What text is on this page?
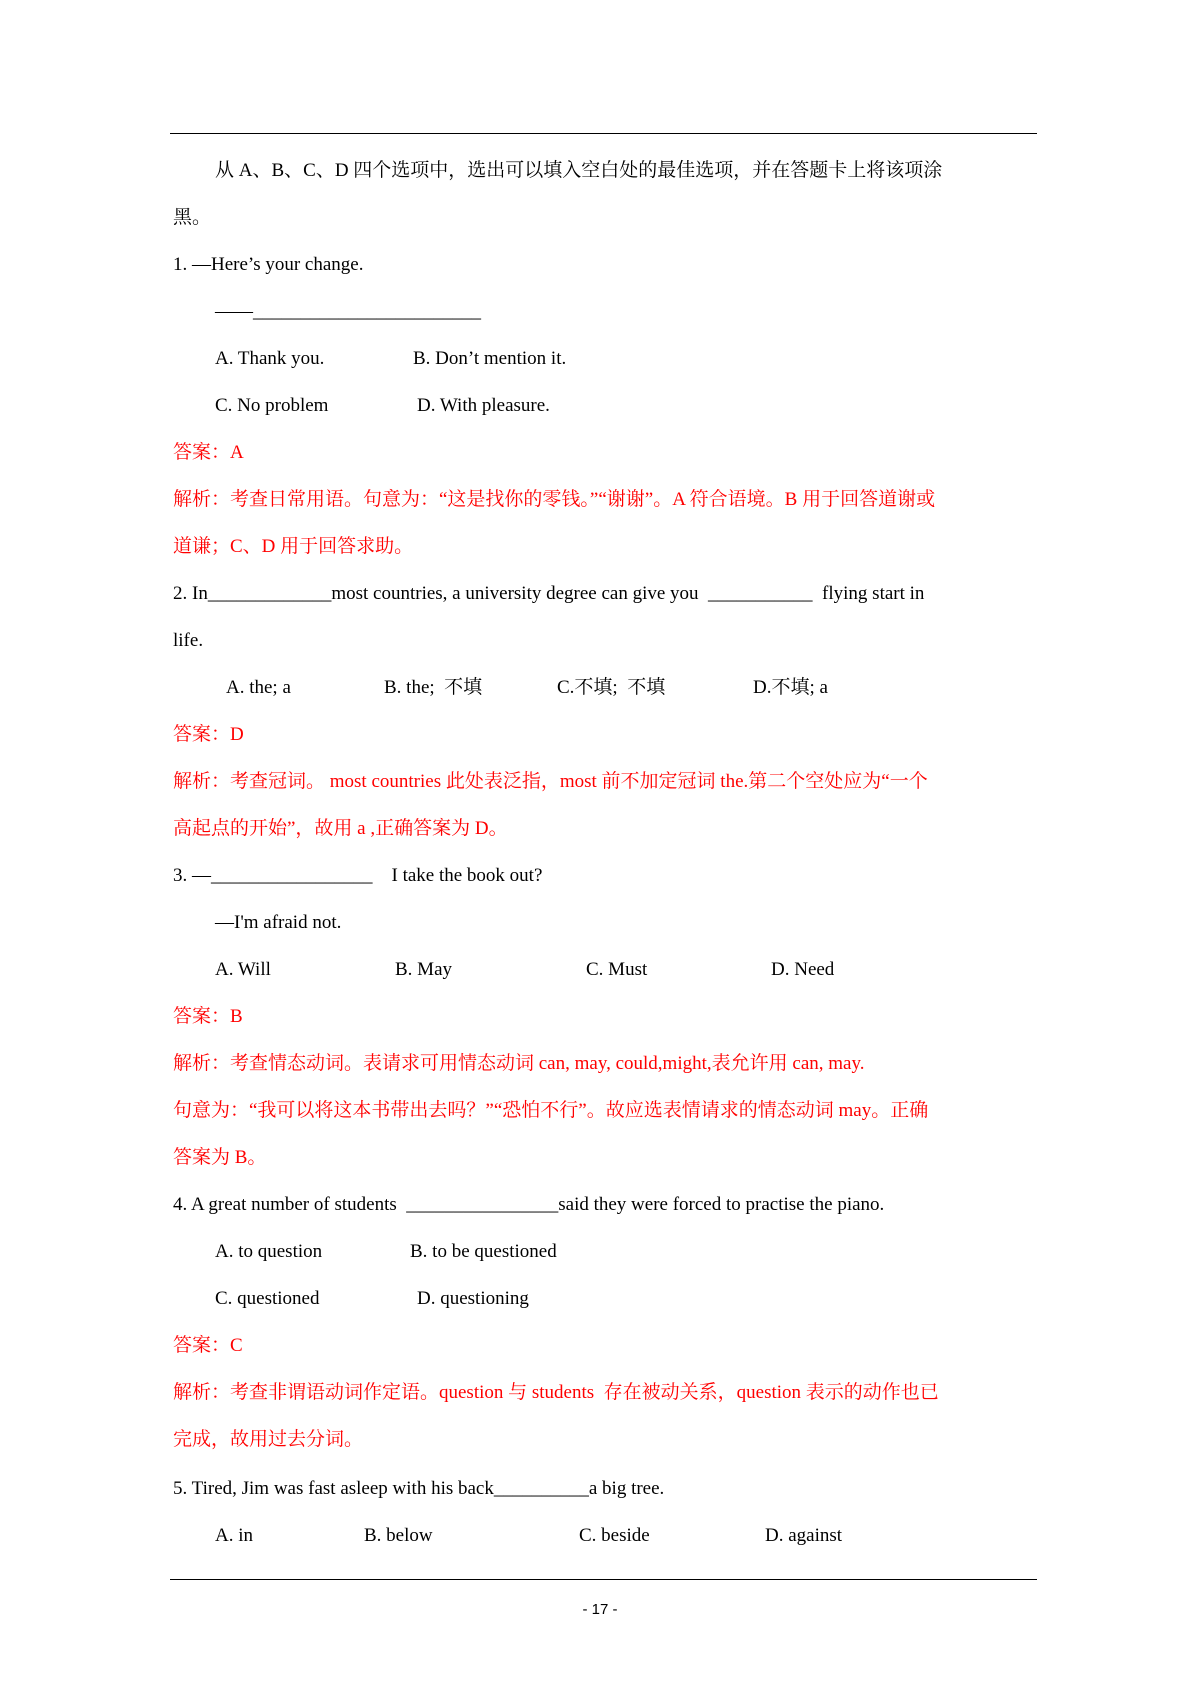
从 A、B、C、D 四个选项中，选出可以填入空白处的最佳选项，并在答题卡上将该项涂
黑。
1. —Here’s your change.
——________________________
A. Thank you.	B. Don’t mention it.
C. No problem	D. With pleasure.
答案：A
解析：考查日常用语。句意为：“这是找你的零钱。”“谢谢”。A 符合语境。B 用于回答道谢或
道谦；C、D 用于回答求助。
2. In_____________most countries, a university degree can give you  ___________  flying start in
life.
A. the; a	B. the;  不填	C.不填;  不填	D.不填; a
答案：D
解析：考查冠词。 most countries 此处表泛指，most 前不加定冠词 the.第二个空处应为“一个
高起点的开始”，故用 a ,正确答案为 D。
3. —_________________    I take the book out?
—I'm afraid not.
A. Will	B. May	C. Must	D. Need
答案：B
解析：考查情态动词。表请求可用情态动词 can, may, could,might,表允许用 can, may.
句意为：“我可以将这本书带出去吗？”“恐怕不行”。故应选表情请求的情态动词 may。正确
答案为 B。
4. A great number of students  ________________said they were forced to practise the piano.
A. to question	B. to be questioned
C. questioned	D. questioning
答案：C
解析：考查非谓语动词作定语。question 与 students  存在被动关系，question 表示的动作也已
完成，故用过去分词。
5. Tired, Jim was fast asleep with his back__________a big tree.
A. in	B. below	C. beside	D. against
- 17 -
